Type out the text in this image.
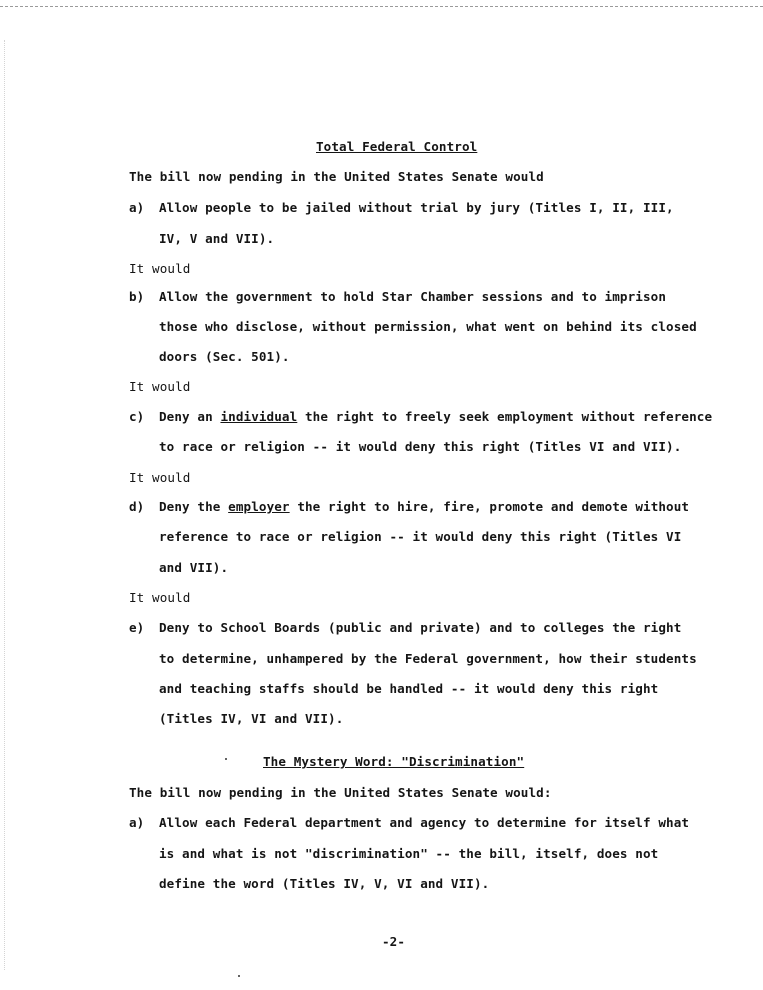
Total Federal Control
The bill now pending in the United States Senate would
a) Allow people to be jailed without trial by jury (Titles I, II, III,
IV, V and VII).
It would
b) Allow the government to hold Star Chamber sessions and to imprison
those who disclose, without permission, what went on behind its closed
doors (Sec. 501).
It would
c) Deny an individual the right to freely seek employment without reference
to race or religion -- it would deny this right (Titles VI and VII).
It would
d) Deny the employer the right to hire, fire, promote and demote without
reference to race or religion -- it would deny this right (Titles VI
and VII).
It would
e) Deny to School Boards (public and private) and to colleges the right
to determine, unhampered by the Federal government, how their students
and teaching staffs should be handled -- it would deny this right
(Titles IV, VI and VII).
The Mystery Word: "Discrimination"
The bill now pending in the United States Senate would:
a) Allow each Federal department and agency to determine for itself what
is and what is not "discrimination" -- the bill, itself, does not
define the word (Titles IV, V, VI and VII).
-2-
